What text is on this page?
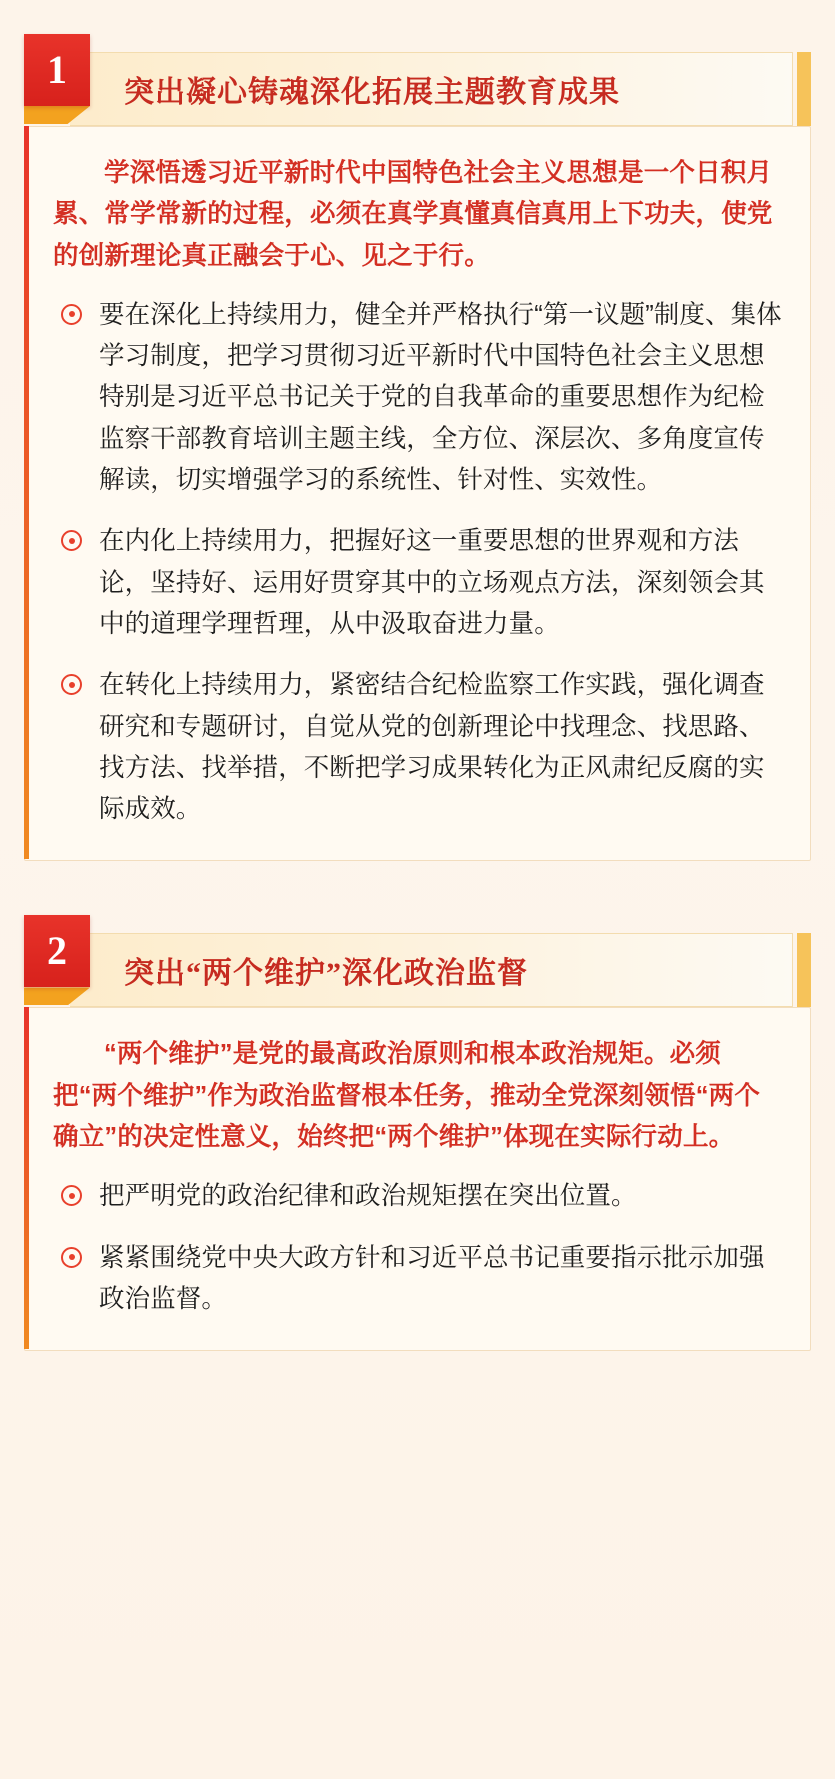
1
突出凝心铸魂深化拓展主题教育成果

学深悟透习近平新时代中国特色社会主义思想是一个日积月累、常学常新的过程，必须在真学真懂真信真用上下功夫，使党的创新理论真正融会于心、见之于行。

要在深化上持续用力，健全并严格执行“第一议题”制度、集体学习制度，把学习贯彻习近平新时代中国特色社会主义思想特别是习近平总书记关于党的自我革命的重要思想作为纪检监察干部教育培训主题主线，全方位、深层次、多角度宣传解读，切实增强学习的系统性、针对性、实效性。
在内化上持续用力，把握好这一重要思想的世界观和方法论，坚持好、运用好贯穿其中的立场观点方法，深刻领会其中的道理学理哲理，从中汲取奋进力量。
在转化上持续用力，紧密结合纪检监察工作实践，强化调查研究和专题研讨，自觉从党的创新理论中找理念、找思路、找方法、找举措，不断把学习成果转化为正风肃纪反腐的实际成效。
2
突出“两个维护”深化政治监督

“两个维护”是党的最高政治原则和根本政治规矩。必须把“两个维护”作为政治监督根本任务，推动全党深刻领悟“两个确立”的决定性意义，始终把“两个维护”体现在实际行动上。

把严明党的政治纪律和政治规矩摆在突出位置。
紧紧围绕党中央大政方针和习近平总书记重要指示批示加强政治监督。
